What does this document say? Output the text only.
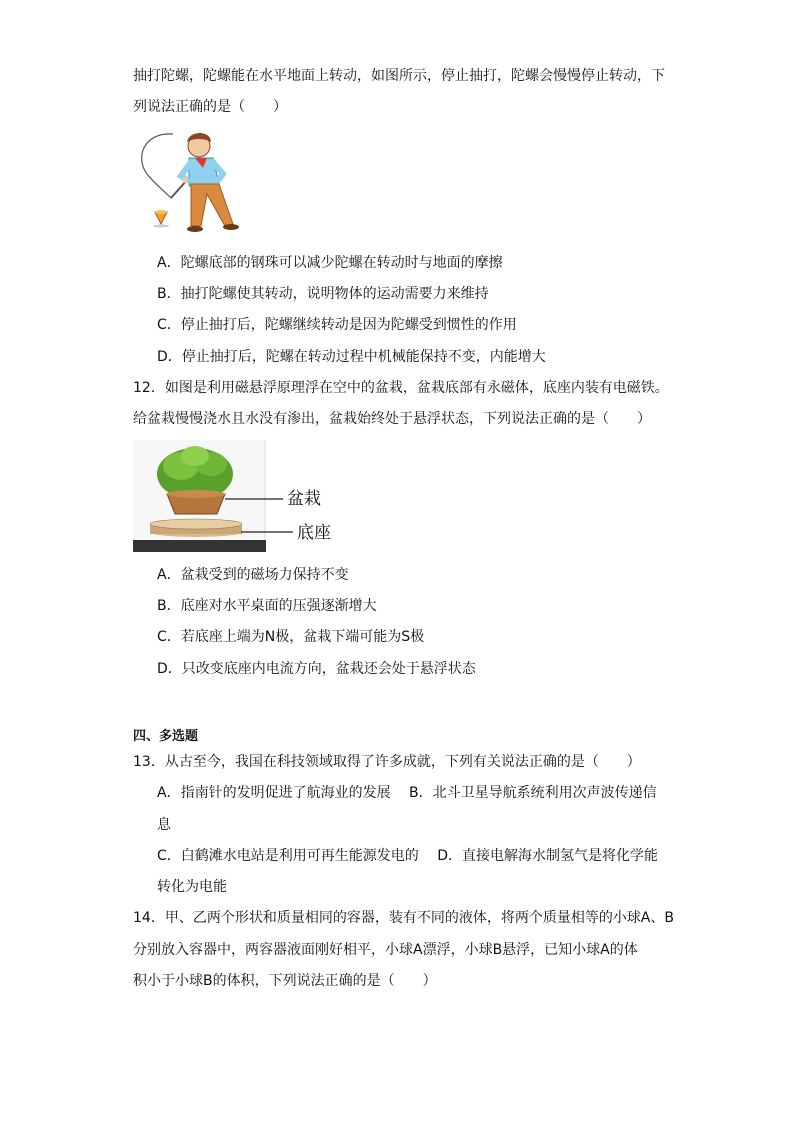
抽打陀螺，陀螺能在水平地面上转动，如图所示，停止抽打，陀螺会慢慢停止转动，下
列说法正确的是（　　）
A．陀螺底部的钢珠可以减少陀螺在转动时与地面的摩擦
B．抽打陀螺使其转动，说明物体的运动需要力来维持
C．停止抽打后，陀螺继续转动是因为陀螺受到惯性的作用
D．停止抽打后，陀螺在转动过程中机械能保持不变，内能增大
12．如图是利用磁悬浮原理浮在空中的盆栽，盆栽底部有永磁体，底座内装有电磁铁。
给盆栽慢慢浇水且水没有渗出，盆栽始终处于悬浮状态，下列说法正确的是（　　）
盆栽
底座
A．盆栽受到的磁场力保持不变
B．底座对水平桌面的压强逐渐增大
C．若底座上端为N极，盆栽下端可能为S极
D．只改变底座内电流方向，盆栽还会处于悬浮状态
四、多选题
13．从古至今，我国在科技领域取得了许多成就，下列有关说法正确的是（　　）
A．指南针的发明促进了航海业的发展　 B．北斗卫星导航系统利用次声波传递信
息
C．白鹤滩水电站是利用可再生能源发电的　 D．直接电解海水制氢气是将化学能
转化为电能
14．甲、乙两个形状和质量相同的容器，装有不同的液体，将两个质量相等的小球A、B
分别放入容器中，两容器液面刚好相平，小球A漂浮，小球B悬浮，已知小球A的体
积小于小球B的体积，下列说法正确的是（　　）
